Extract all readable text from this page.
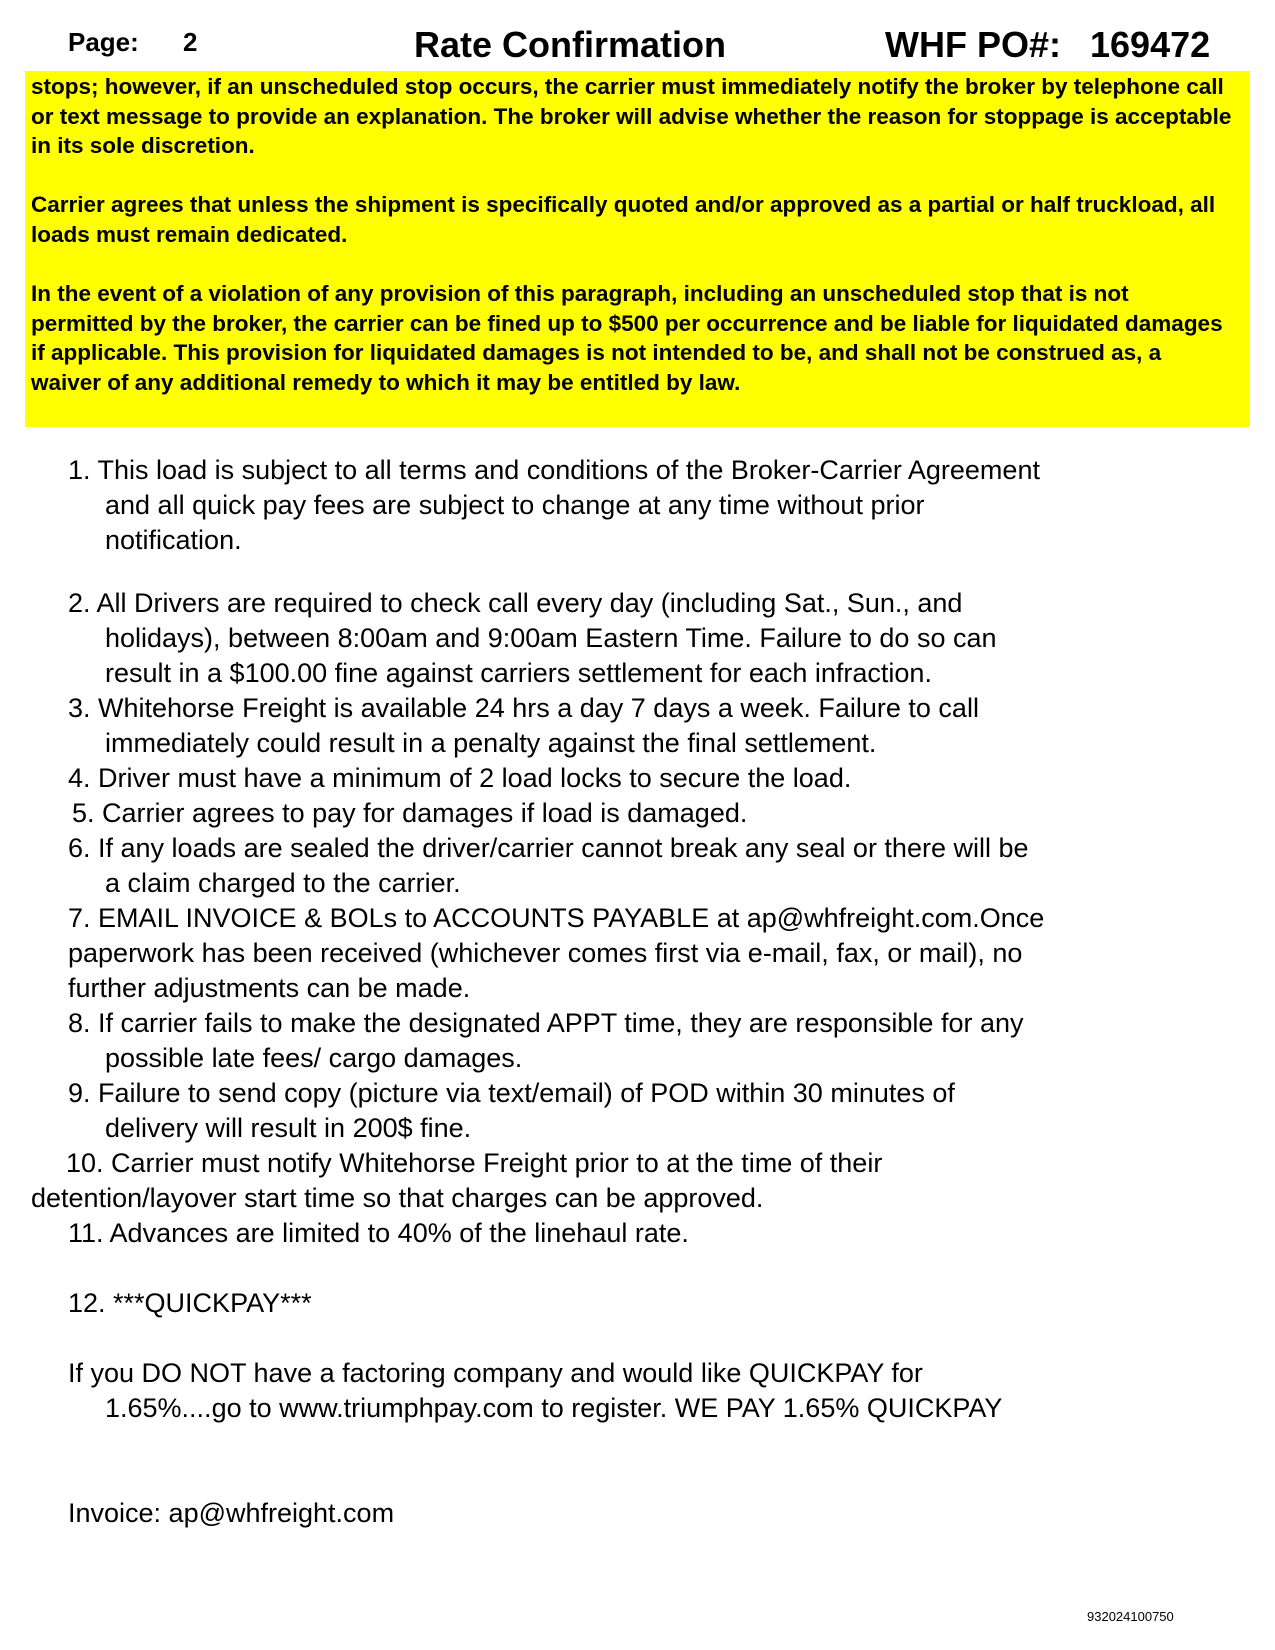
Page: 2	Rate Confirmation	WHF PO#: 169472

stops; however, if an unscheduled stop occurs, the carrier must immediately notify the broker by telephone call or text message to provide an explanation. The broker will advise whether the reason for stoppage is acceptable in its sole discretion.

Carrier agrees that unless the shipment is specifically quoted and/or approved as a partial or half truckload, all loads must remain dedicated.

In the event of a violation of any provision of this paragraph, including an unscheduled stop that is not permitted by the broker, the carrier can be fined up to $500 per occurrence and be liable for liquidated damages if applicable. This provision for liquidated damages is not intended to be, and shall not be construed as, a waiver of any additional remedy to which it may be entitled by law.

1. This load is subject to all terms and conditions of the Broker-Carrier Agreement
and all quick pay fees are subject to change at any time without prior
notification.
2. All Drivers are required to check call every day (including Sat., Sun., and
holidays), between 8:00am and 9:00am Eastern Time. Failure to do so can
result in a $100.00 fine against carriers settlement for each infraction.
3. Whitehorse Freight is available 24 hrs a day 7 days a week. Failure to call
immediately could result in a penalty against the final settlement.
4. Driver must have a minimum of 2 load locks to secure the load.
5. Carrier agrees to pay for damages if load is damaged.
6. If any loads are sealed the driver/carrier cannot break any seal or there will be
a claim charged to the carrier.
7. EMAIL INVOICE & BOLs to ACCOUNTS PAYABLE at ap@whfreight.com.Once
paperwork has been received (whichever comes first via e-mail, fax, or mail), no
further adjustments can be made.
8. If carrier fails to make the designated APPT time, they are responsible for any
possible late fees/ cargo damages.
9. Failure to send copy (picture via text/email) of POD within 30 minutes of
delivery will result in 200$ fine.
10. Carrier must notify Whitehorse Freight prior to at the time of their
detention/layover start time so that charges can be approved.
11. Advances are limited to 40% of the linehaul rate.
12. ***QUICKPAY***
If you DO NOT have a factoring company and would like QUICKPAY for
1.65%....go to www.triumphpay.com to register. WE PAY 1.65% QUICKPAY
Invoice: ap@whfreight.com
932024100750
